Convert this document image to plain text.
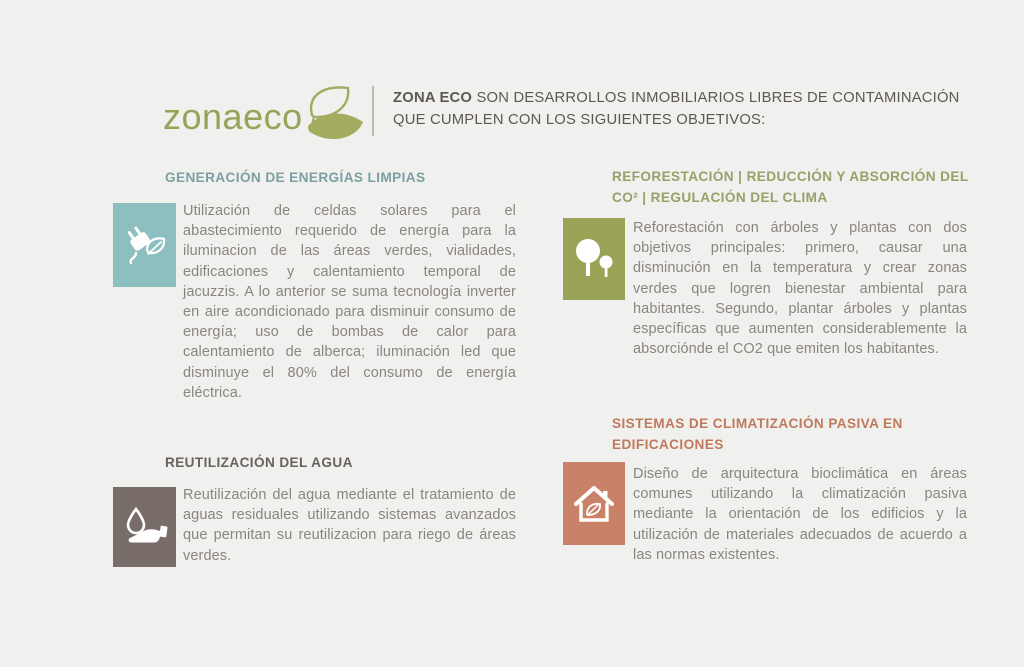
zonaeco	ZONA ECO SON DESARROLLOS INMOBILIARIOS LIBRES DE CONTAMINACIÓN QUE CUMPLEN CON LOS SIGUIENTES OBJETIVOS:
GENERACIÓN DE ENERGÍAS LIMPIAS

Utilización de celdas solares para el abastecimiento requerido de energía para la iluminacion de las áreas verdes, vialidades, edificaciones y calentamiento temporal de jacuzzis. A lo anterior se suma tecnología inverter en aire acondicionado para disminuir consumo de energía; uso de bombas de calor para calentamiento de alberca; iluminación led que disminuye el 80% del consumo de energía eléctrica.

REUTILIZACIÓN DEL AGUA

Reutilización del agua mediante el tratamiento de aguas residuales utilizando sistemas avanzados que permitan su reutilizacion para riego de áreas verdes.

REFORESTACIÓN | REDUCCIÓN Y ABSORCIÓN DEL CO² | REGULACIÓN DEL CLIMA

Reforestación con árboles y plantas con dos objetivos principales: primero, causar una disminución en la temperatura y crear zonas verdes que logren bienestar ambiental para habitantes. Segundo, plantar árboles y plantas específicas que aumenten considerablemente la absorciónde el CO2 que emiten los habitantes.

SISTEMAS DE CLIMATIZACIÓN PASIVA EN EDIFICACIONES

Diseño de arquitectura bioclimática en áreas comunes utilizando la climatización pasiva mediante la orientación de los edificios y la utilización de materiales adecuados de acuerdo a las normas existentes.
